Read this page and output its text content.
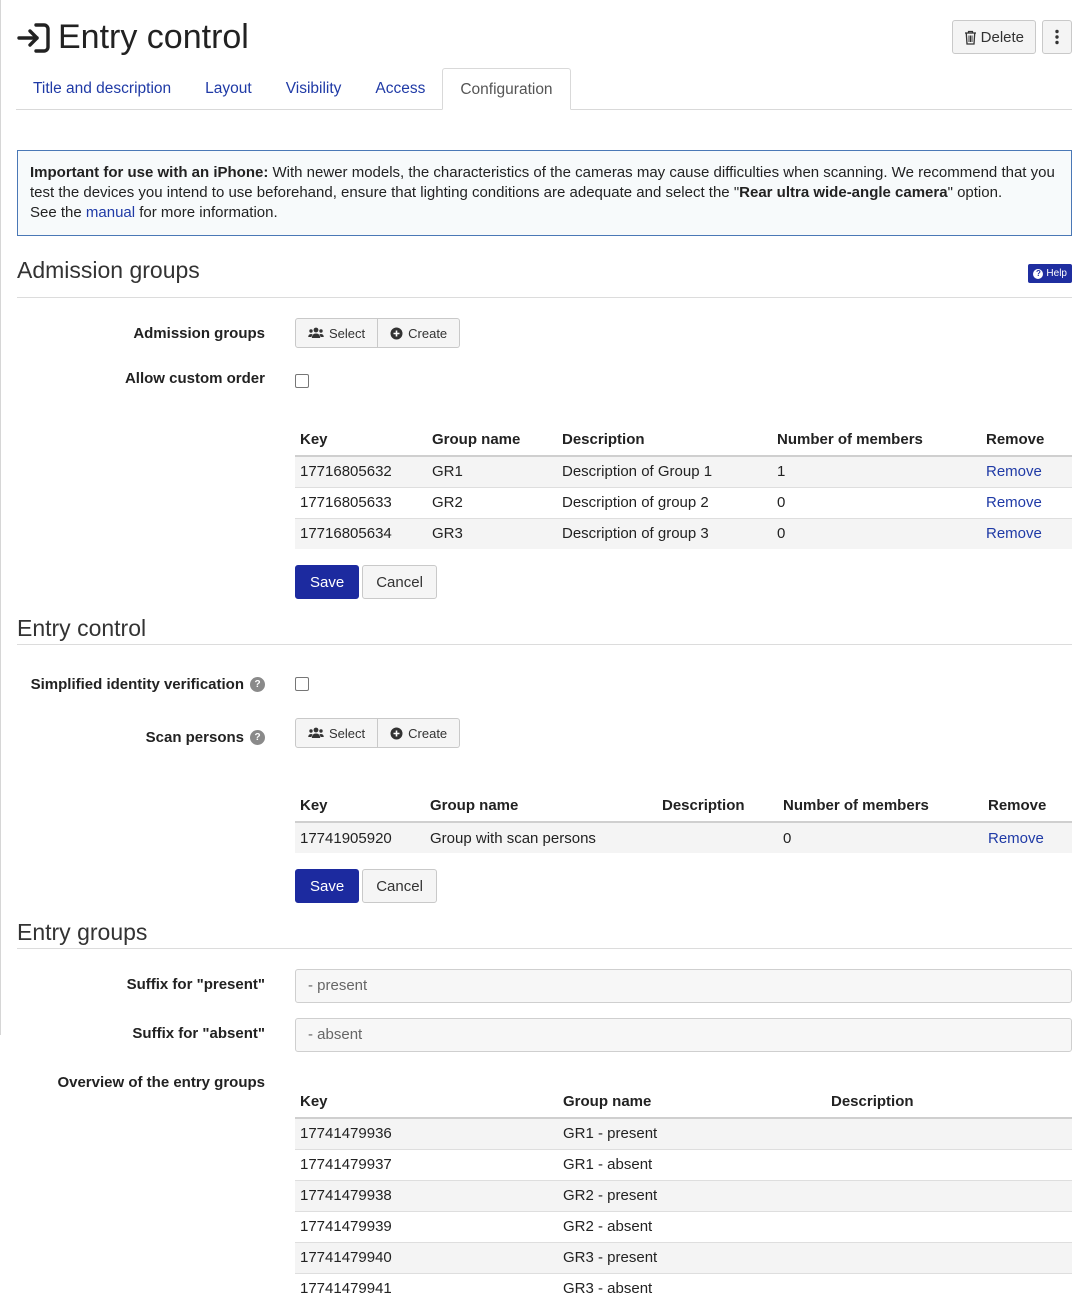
Entry control	Delete
Title and description	Layout	Visibility	Access	Configuration
Important for use with an iPhone: With newer models, the characteristics of the cameras may cause difficulties when scanning. We recommend that you test the devices you intend to use beforehand, ensure that lighting conditions are adequate and select the "Rear ultra wide-angle camera" option.
See the manual for more information.
Admission groups	? Help
Admission groups	Select	Create
Allow custom order
Key	Group name	Description	Number of members	Remove
17716805632	GR1	Description of Group 1	1	Remove
17716805633	GR2	Description of group 2	0	Remove
17716805634	GR3	Description of group 3	0	Remove
Save	Cancel
Entry control
Simplified identity verification	?
Scan persons	?	Select	Create
Key	Group name	Description	Number of members	Remove
17741905920	Group with scan persons		0	Remove
Save	Cancel
Entry groups
Suffix for "present"	- present
Suffix for "absent"	- absent
Overview of the entry groups
Key	Group name	Description
17741479936	GR1 - present	
17741479937	GR1 - absent	
17741479938	GR2 - present	
17741479939	GR2 - absent	
17741479940	GR3 - present	
17741479941	GR3 - absent	
